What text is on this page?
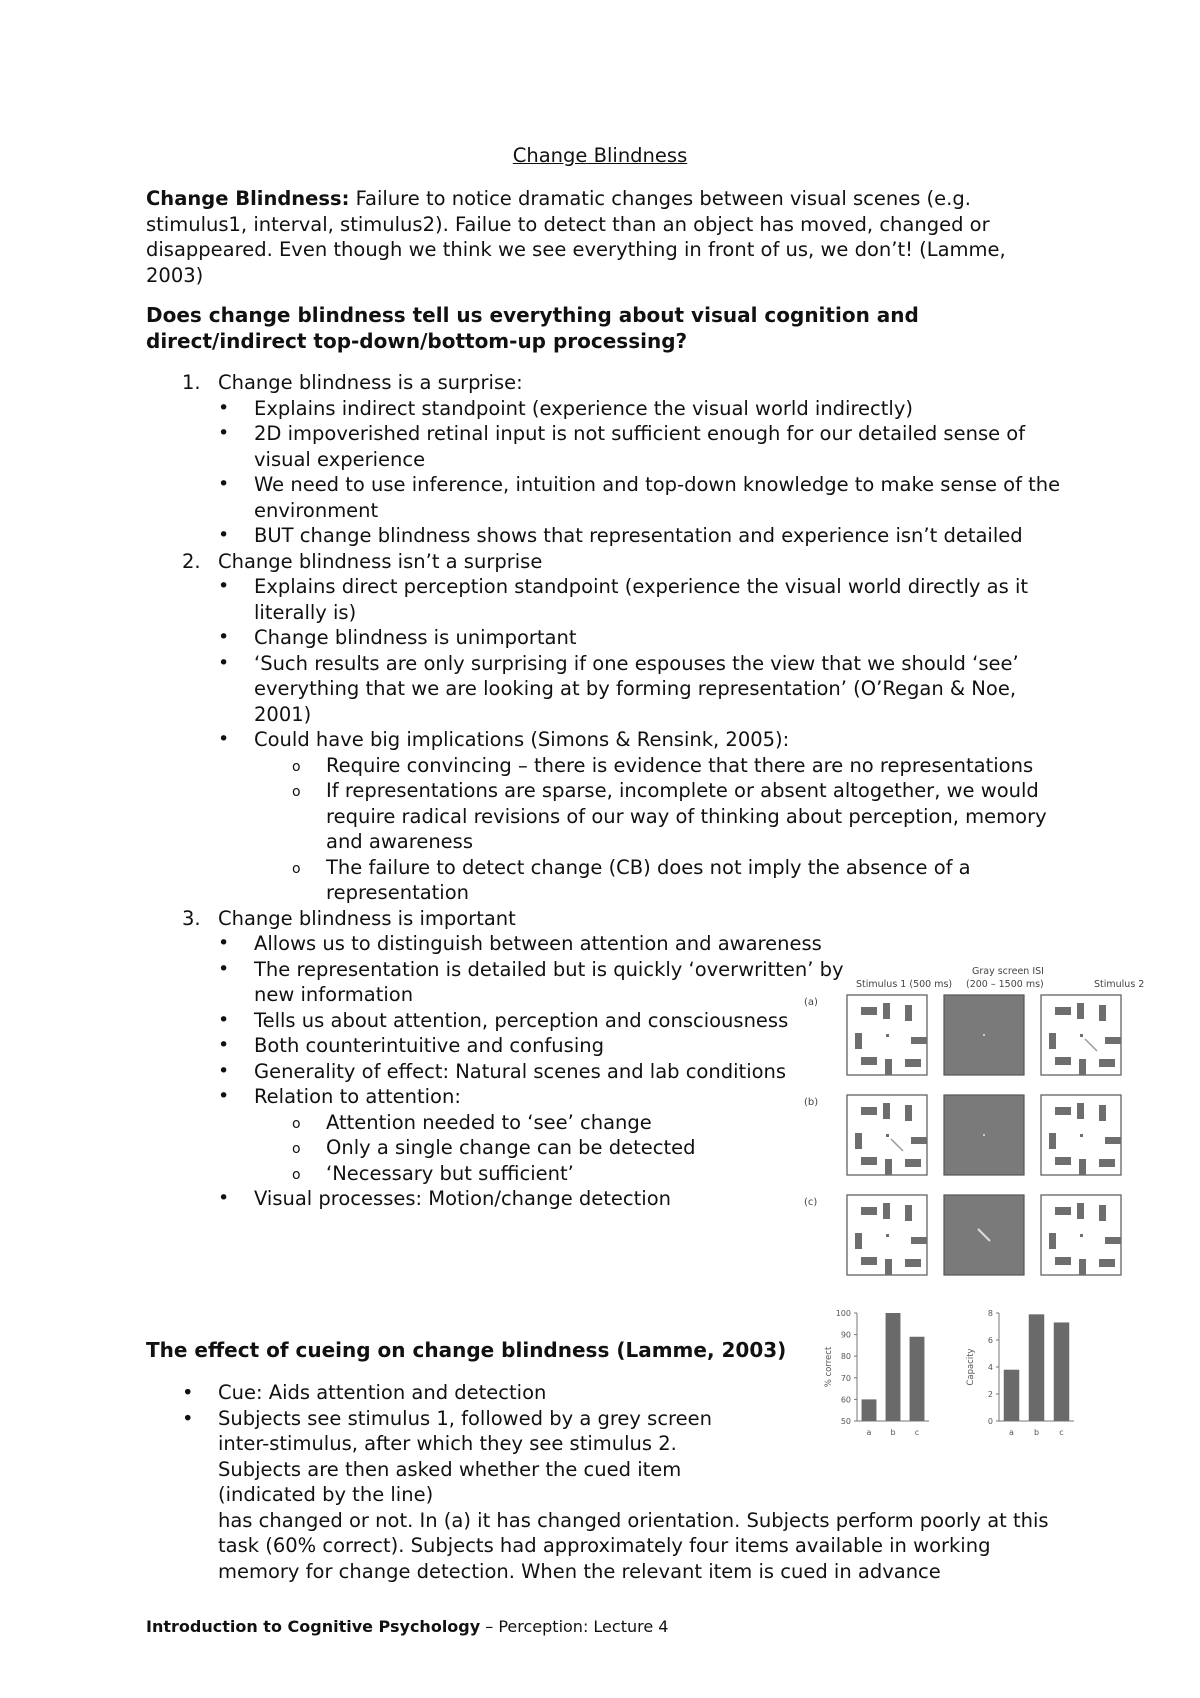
Change Blindness
Change Blindness: Failure to notice dramatic changes between visual scenes (e.g. stimulus1, interval, stimulus2). Failue to detect than an object has moved, changed or disappeared. Even though we think we see everything in front of us, we don’t! (Lamme, 2003)
Does change blindness tell us everything about visual cognition and direct/indirect top-down/bottom-up processing?
1. Change blindness is a surprise:
• Explains indirect standpoint (experience the visual world indirectly)
• 2D impoverished retinal input is not sufficient enough for our detailed sense of visual experience
• We need to use inference, intuition and top-down knowledge to make sense of the environment
• BUT change blindness shows that representation and experience isn’t detailed
2. Change blindness isn’t a surprise
• Explains direct perception standpoint (experience the visual world directly as it literally is)
• Change blindness is unimportant
• ‘Such results are only surprising if one espouses the view that we should ‘see’ everything that we are looking at by forming representation’ (O’Regan & Noe, 2001)
• Could have big implications (Simons & Rensink, 2005):
o Require convincing – there is evidence that there are no representations
o If representations are sparse, incomplete or absent altogether, we would require radical revisions of our way of thinking about perception, memory and awareness
o The failure to detect change (CB) does not imply the absence of a representation
3. Change blindness is important
• Allows us to distinguish between attention and awareness
• The representation is detailed but is quickly ‘overwritten’ by new information
• Tells us about attention, perception and consciousness
• Both counterintuitive and confusing
• Generality of effect: Natural scenes and lab conditions
• Relation to attention:
o Attention needed to ‘see’ change
o Only a single change can be detected
o ‘Necessary but sufficient’
• Visual processes: Motion/change detection
The effect of cueing on change blindness (Lamme, 2003)
• Cue: Aids attention and detection
• Subjects see stimulus 1, followed by a grey screen inter-stimulus, after which they see stimulus 2. Subjects are then asked whether the cued item (indicated by the line)
has changed or not. In (a) it has changed orientation. Subjects perform poorly at this task (60% correct). Subjects had approximately four items available in working memory for change detection. When the relevant item is cued in advance
Stimulus 1 (500 ms)
Gray screen ISI
(200 – 1500 ms)	Stimulus 2
(a)
(b)
(c)
100
90
80
70
60
50
% correct
a b c
8
6
4
2
0
Capacity
a	b	c
Introduction to Cognitive Psychology – Perception: Lecture 4
